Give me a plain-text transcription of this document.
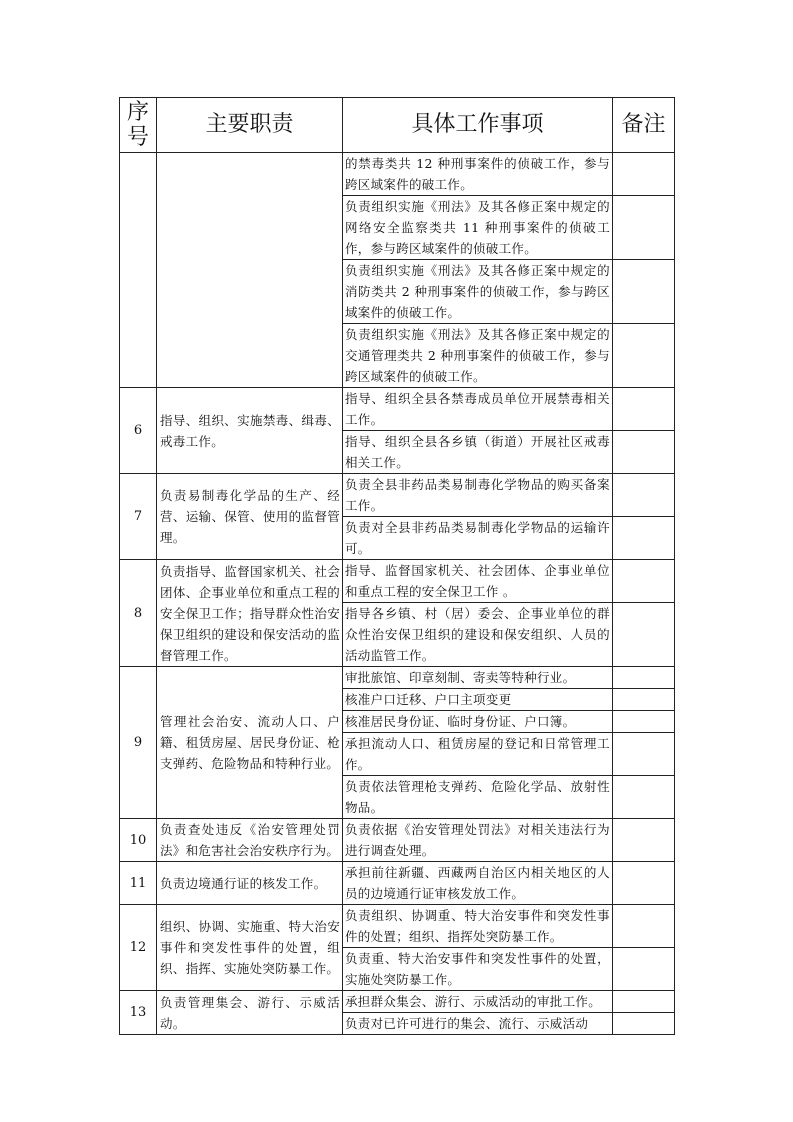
序
号	主要职责	具体工作事项	备注
		的禁毒类共 12 种刑事案件的侦破工作，参与跨区域案件的破工作。	
		负责组织实施《刑法》及其各修正案中规定的网络安全监察类共 11 种刑事案件的侦破工作，参与跨区域案件的侦破工作。	
		负责组织实施《刑法》及其各修正案中规定的消防类共 2 种刑事案件的侦破工作，参与跨区域案件的侦破工作。	
		负责组织实施《刑法》及其各修正案中规定的交通管理类共 2 种刑事案件的侦破工作，参与跨区域案件的侦破工作。	
6	指导、组织、实施禁毒、缉毒、戒毒工作。	指导、组织全县各禁毒成员单位开展禁毒相关工作。	
		指导、组织全县各乡镇（街道）开展社区戒毒相关工作。	
7	负责易制毒化学品的生产、经营、运输、保管、使用的监督管理。	负责全县非药品类易制毒化学物品的购买备案工作。	
		负责对全县非药品类易制毒化学物品的运输许可。	
8	负责指导、监督国家机关、社会团体、企事业单位和重点工程的安全保卫工作；指导群众性治安保卫组织的建设和保安活动的监督管理工作。	指导、监督国家机关、社会团体、企事业单位和重点工程的安全保卫工作 。	
		指导各乡镇、村（居）委会、企事业单位的群众性治安保卫组织的建设和保安组织、人员的活动监管工作。	
9	管理社会治安、流动人口、户籍、租赁房屋、居民身份证、枪支弹药、危险物品和特种行业。	审批旅馆、印章刻制、寄卖等特种行业。	
		核准户口迁移、户口主项变更	
		核准居民身份证、临时身份证、户口簿。	
		承担流动人口、租赁房屋的登记和日常管理工作。	
		负责依法管理枪支弹药、危险化学品、放射性物品。	
10	负责查处违反《治安管理处罚法》和危害社会治安秩序行为。	负责依据《治安管理处罚法》对相关违法行为进行调查处理。	
11	负责边境通行证的核发工作。	承担前往新疆、西藏两自治区内相关地区的人员的边境通行证审核发放工作。	
12	组织、协调、实施重、特大治安事件和突发性事件的处置，组织、指挥、实施处突防暴工作。	负责组织、协调重、特大治安事件和突发性事件的处置；组织、指挥处突防暴工作。	
		负责重、特大治安事件和突发性事件的处置，实施处突防暴工作。	
13	负责管理集会、游行、示威活动。	承担群众集会、游行、示威活动的审批工作。	
		负责对已许可进行的集会、流行、示威活动	
